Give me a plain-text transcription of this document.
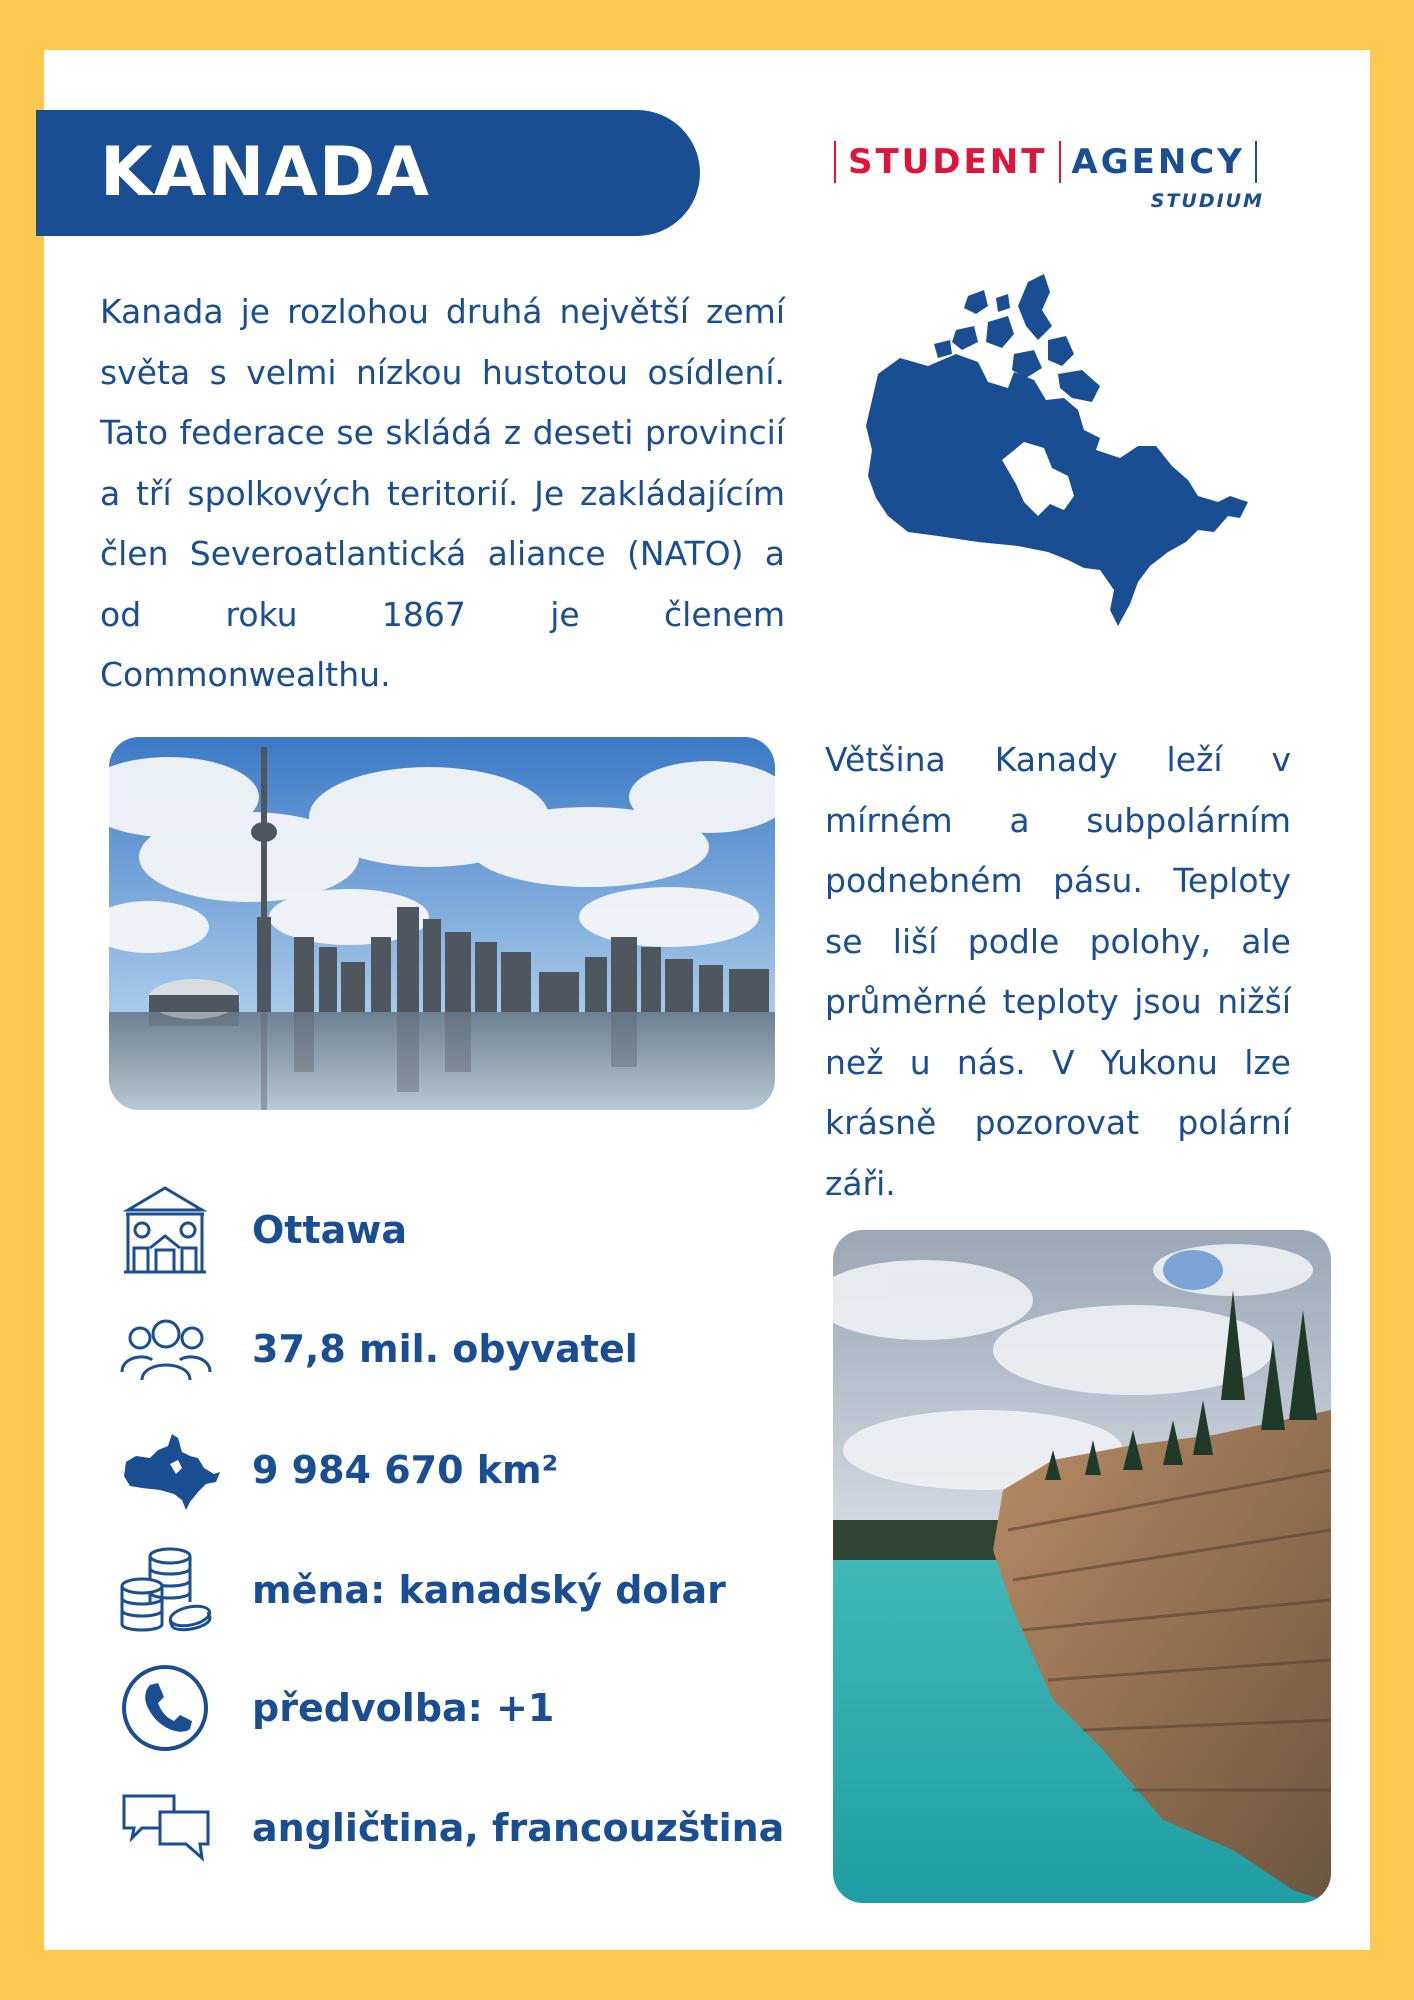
KANADA	STUDENT AGENCY
STUDIUM
Kanada je rozlohou druhá největší zemí světa s velmi nízkou hustotou osídlení. Tato federace se skládá z deseti provincií a tří spolkových teritorií. Je zakládajícím člen Severoatlantická aliance (NATO) a od roku 1867 je členem Commonwealthu.
Většina Kanady leží v mírném a subpolárním podnebném pásu. Teploty se liší podle polohy, ale průměrné teploty jsou nižší než u nás. V Yukonu lze krásně pozorovat polární záři.
Ottawa
37,8 mil. obyvatel
9 984 670 km²
měna: kanadský dolar
předvolba: +1
angličtina, francouzština
